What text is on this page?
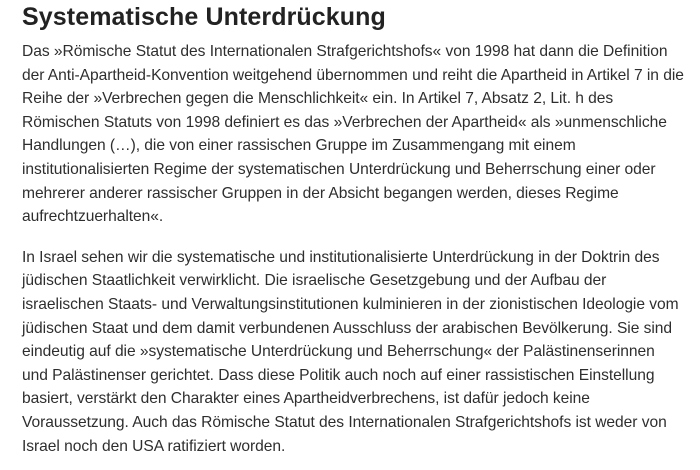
Systematische Unterdrückung

Das »Römische Statut des Internationalen Strafgerichtshofs« von 1998 hat dann die Definition der Anti-Apartheid-Konvention weitgehend übernommen und reiht die Apartheid in Artikel 7 in die Reihe der »Verbrechen gegen die Menschlichkeit« ein. In Artikel 7, Absatz 2, Lit. h des Römischen Statuts von 1998 definiert es das »Verbrechen der Apartheid« als »unmenschliche Handlungen (…), die von einer rassischen Gruppe im Zusammengang mit einem institutionalisierten Regime der systematischen Unterdrückung und Beherrschung einer oder mehrerer anderer rassischer Gruppen in der Absicht begangen werden, dieses Regime aufrechtzuerhalten«.

In Israel sehen wir die systematische und institutionalisierte Unterdrückung in der Doktrin des jüdischen Staatlichkeit verwirklicht. Die israelische Gesetzgebung und der Aufbau der israelischen Staats- und Verwaltungsinstitutionen kulminieren in der zionistischen Ideologie vom jüdischen Staat und dem damit verbundenen Ausschluss der arabischen Bevölkerung. Sie sind eindeutig auf die »systematische Unterdrückung und Beherrschung« der Palästinenserinnen und Palästinenser gerichtet. Dass diese Politik auch noch auf einer rassistischen Einstellung basiert, verstärkt den Charakter eines Apartheidverbrechens, ist dafür jedoch keine Voraussetzung. Auch das Römische Statut des Internationalen Strafgerichtshofs ist weder von Israel noch den USA ratifiziert worden.
